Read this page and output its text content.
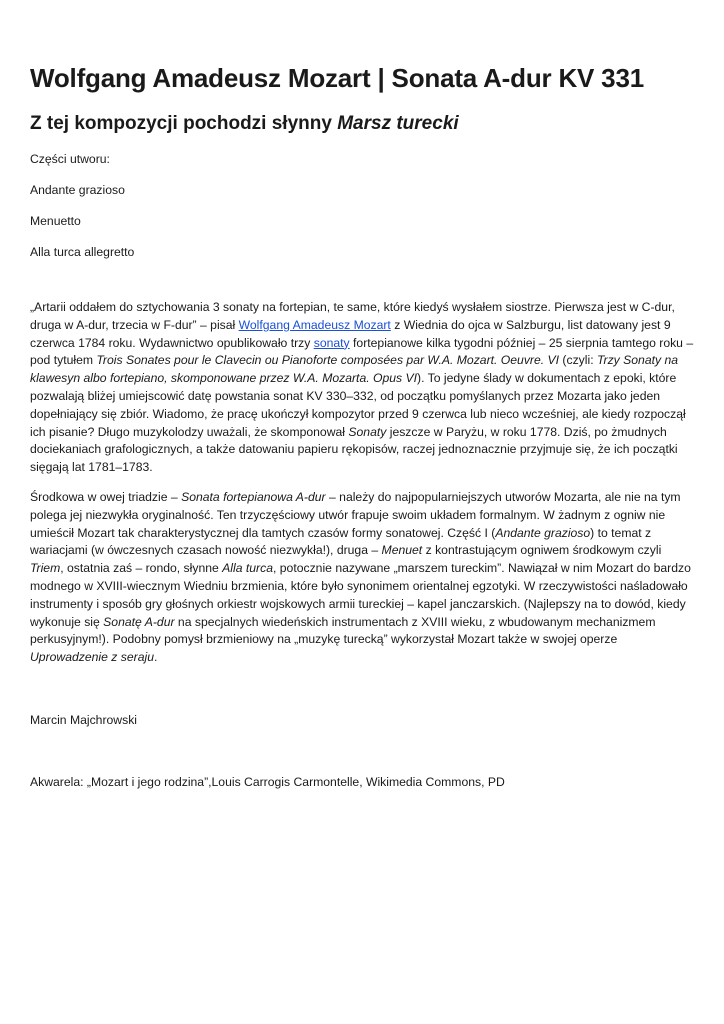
Wolfgang Amadeusz Mozart | Sonata A-dur KV 331
Z tej kompozycji pochodzi słynny Marsz turecki

Części utworu:

Andante grazioso

Menuetto

Alla turca allegretto

„Artarii oddałem do sztychowania 3 sonaty na fortepian, te same, które kiedyś wysłałem siostrze. Pierwsza jest w C-dur, druga w A-dur, trzecia w F-dur” – pisał Wolfgang Amadeusz Mozart z Wiednia do ojca w Salzburgu, list datowany jest 9 czerwca 1784 roku. Wydawnictwo opublikowało trzy sonaty fortepianowe kilka tygodni później – 25 sierpnia tamtego roku – pod tytułem Trois Sonates pour le Clavecin ou Pianoforte composées par W.A. Mozart. Oeuvre. VI (czyli: Trzy Sonaty na klawesyn albo fortepiano, skomponowane przez W.A. Mozarta. Opus VI). To jedyne ślady w dokumentach z epoki, które pozwalają bliżej umiejscowić datę powstania sonat KV 330–332, od początku pomyślanych przez Mozarta jako jeden dopełniający się zbiór. Wiadomo, że pracę ukończył kompozytor przed 9 czerwca lub nieco wcześniej, ale kiedy rozpoczął ich pisanie? Długo muzykolodzy uważali, że skomponował Sonaty jeszcze w Paryżu, w roku 1778. Dziś, po żmudnych dociekaniach grafologicznych, a także datowaniu papieru rękopisów, raczej jednoznacznie przyjmuje się, że ich początki sięgają lat 1781–1783.

Środkowa w owej triadzie – Sonata fortepianowa A-dur – należy do najpopularniejszych utworów Mozarta, ale nie na tym polega jej niezwykła oryginalność. Ten trzyczęściowy utwór frapuje swoim układem formalnym. W żadnym z ogniw nie umieścił Mozart tak charakterystycznej dla tamtych czasów formy sonatowej. Część I (Andante grazioso) to temat z wariacjami (w ówczesnych czasach nowość niezwykła!), druga – Menuet z kontrastującym ogniwem środkowym czyli Triem, ostatnia zaś – rondo, słynne Alla turca, potocznie nazywane „marszem tureckim”. Nawiązał w nim Mozart do bardzo modnego w XVIII-wiecznym Wiedniu brzmienia, które było synonimem orientalnej egzotyki. W rzeczywistości naśladowało instrumenty i sposób gry głośnych orkiestr wojskowych armii tureckiej – kapel janczarskich. (Najlepszy na to dowód, kiedy wykonuje się Sonatę A-dur na specjalnych wiedeńskich instrumentach z XVIII wieku, z wbudowanym mechanizmem perkusyjnym!). Podobny pomysł brzmieniowy na „muzykę turecką” wykorzystał Mozart także w swojej operze Uprowadzenie z seraju.

Marcin Majchrowski

Akwarela: „Mozart i jego rodzina”,Louis Carrogis Carmontelle, Wikimedia Commons, PD
